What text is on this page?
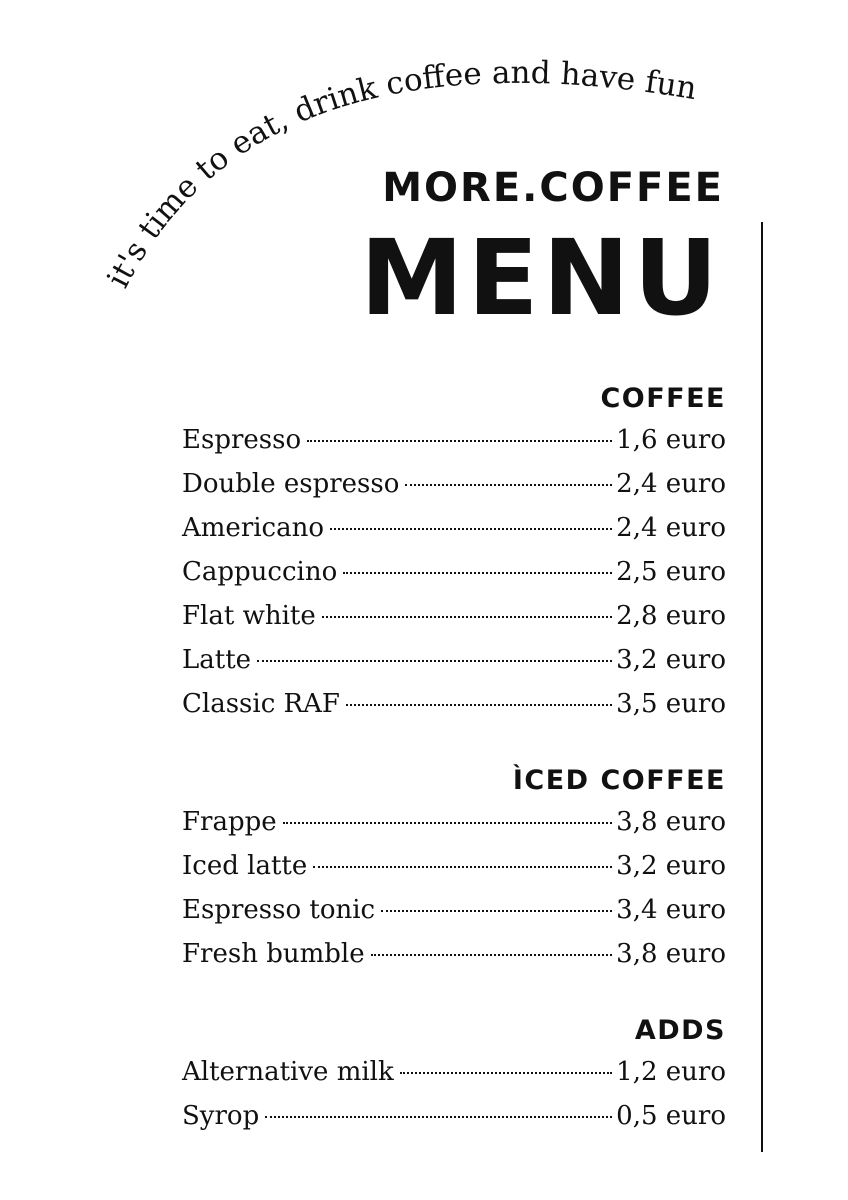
it's time to eat, drink coffee and have fun
MORE.COFFEE
MENU
COFFEE
Espresso	1,6 euro
Double espresso	2,4 euro
Americano	2,4 euro
Cappuccino	2,5 euro
Flat white	2,8 euro
Latte	3,2 euro
Classic RAF	3,5 euro
ÌCED COFFEE
Frappe	3,8 euro
Iced latte	3,2 euro
Espresso tonic	3,4 euro
Fresh bumble	3,8 euro
ADDS
Alternative milk	1,2 euro
Syrop	0,5 euro
